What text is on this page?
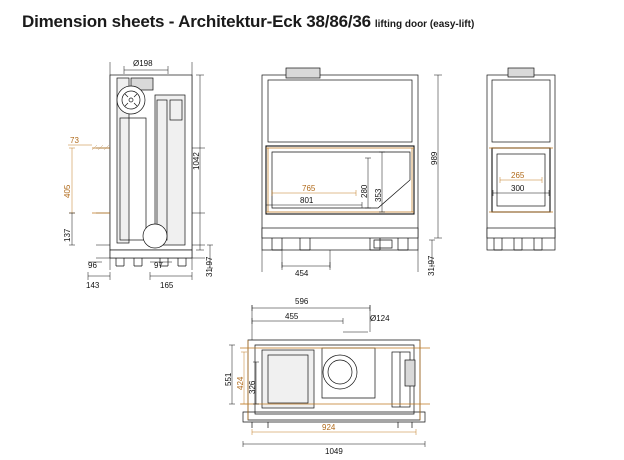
Dimension sheets - Architektur-Eck 38/86/36 lifting door (easy-lift)
Ø198
1042
73
405
137
96	97
143	165
31-97
989
765
801
280 353
454	31-97
265
300
596
455	Ø124
551 424 326
924
1049
